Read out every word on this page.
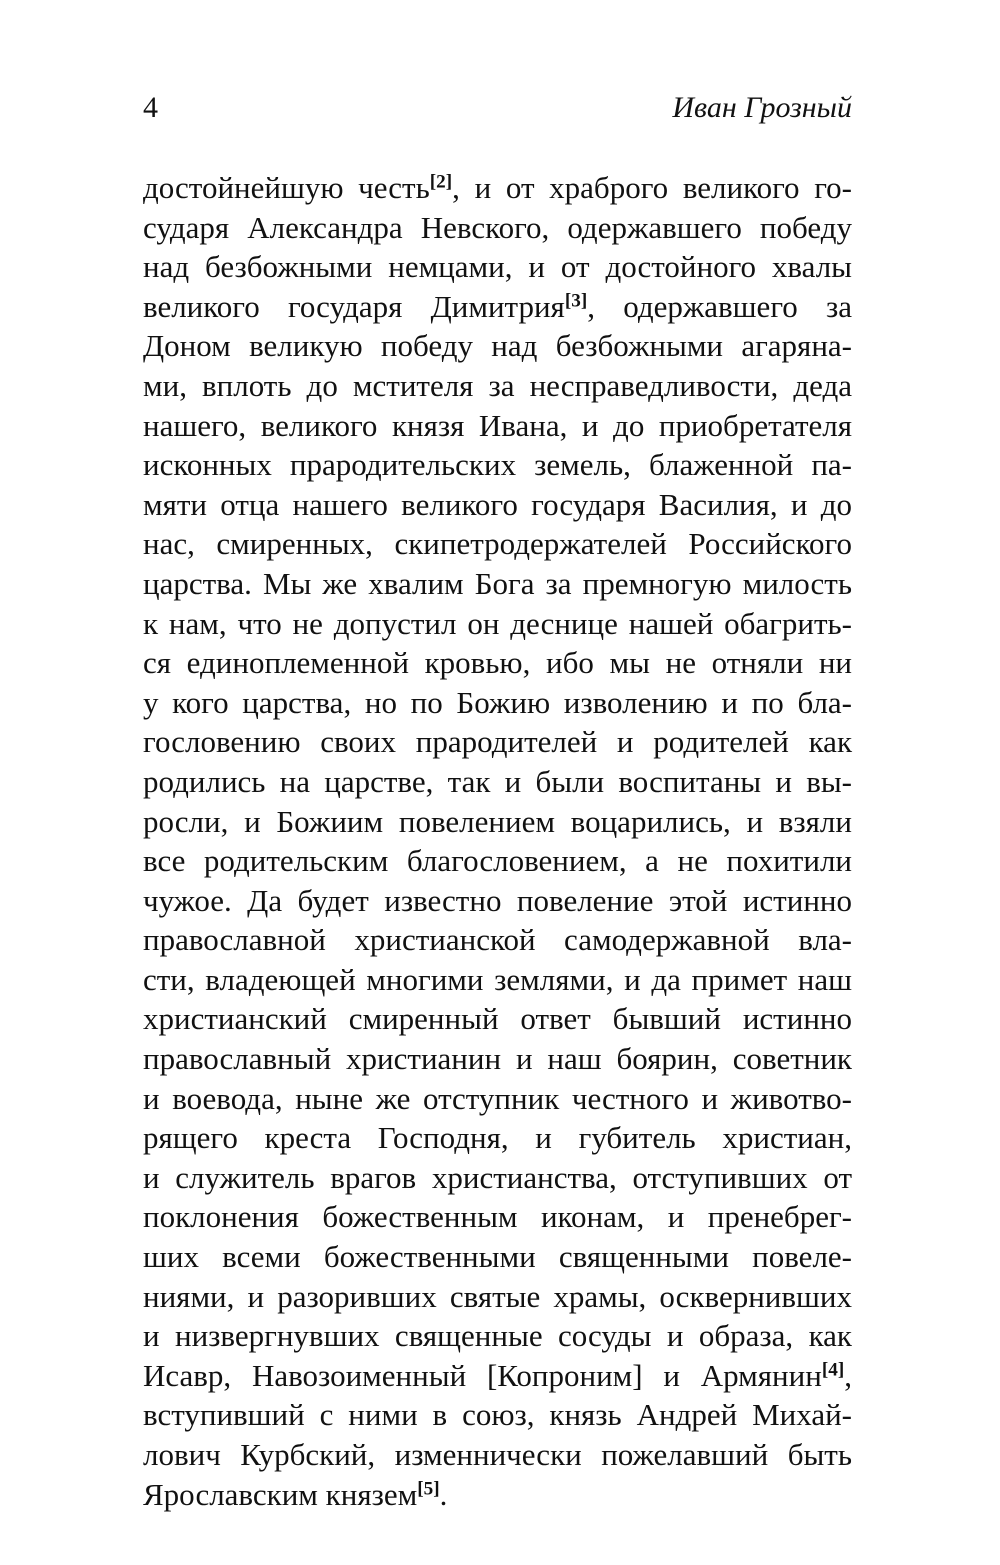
4	Иван Грозный
достойнейшую честь[2], и от храброго великого го-
сударя Александра Невского, одержавшего победу
над безбожными немцами, и от достойного хвалы
великого государя Димитрия[3], одержавшего за
Доном великую победу над безбожными агаряна-
ми, вплоть до мстителя за несправедливости, деда
нашего, великого князя Ивана, и до приобретателя
исконных прародительских земель, блаженной па-
мяти отца нашего великого государя Василия, и до
нас, смиренных, скипетродержателей Российского
царства. Мы же хвалим Бога за премногую милость
к нам, что не допустил он деснице нашей обагрить-
ся единоплеменной кровью, ибо мы не отняли ни
у кого царства, но по Божию изволению и по бла-
гословению своих прародителей и родителей как
родились на царстве, так и были воспитаны и вы-
росли, и Божиим повелением воцарились, и взяли
все родительским благословением, а не похитили
чужое. Да будет известно повеление этой истинно
православной христианской самодержавной вла-
сти, владеющей многими землями, и да примет наш
христианский смиренный ответ бывший истинно
православный христианин и наш боярин, советник
и воевода, ныне же отступник честного и животво-
рящего креста Господня, и губитель христиан,
и служитель врагов христианства, отступивших от
поклонения божественным иконам, и пренебрег-
ших всеми божественными священными повеле-
ниями, и разоривших святые храмы, осквернивших
и низвергнувших священные сосуды и образа, как
Исавр, Навозоименный [Копроним] и Армянин[4],
вступивший с ними в союз, князь Андрей Михай-
лович Курбский, изменнически пожелавший быть
Ярославским князем[5].
